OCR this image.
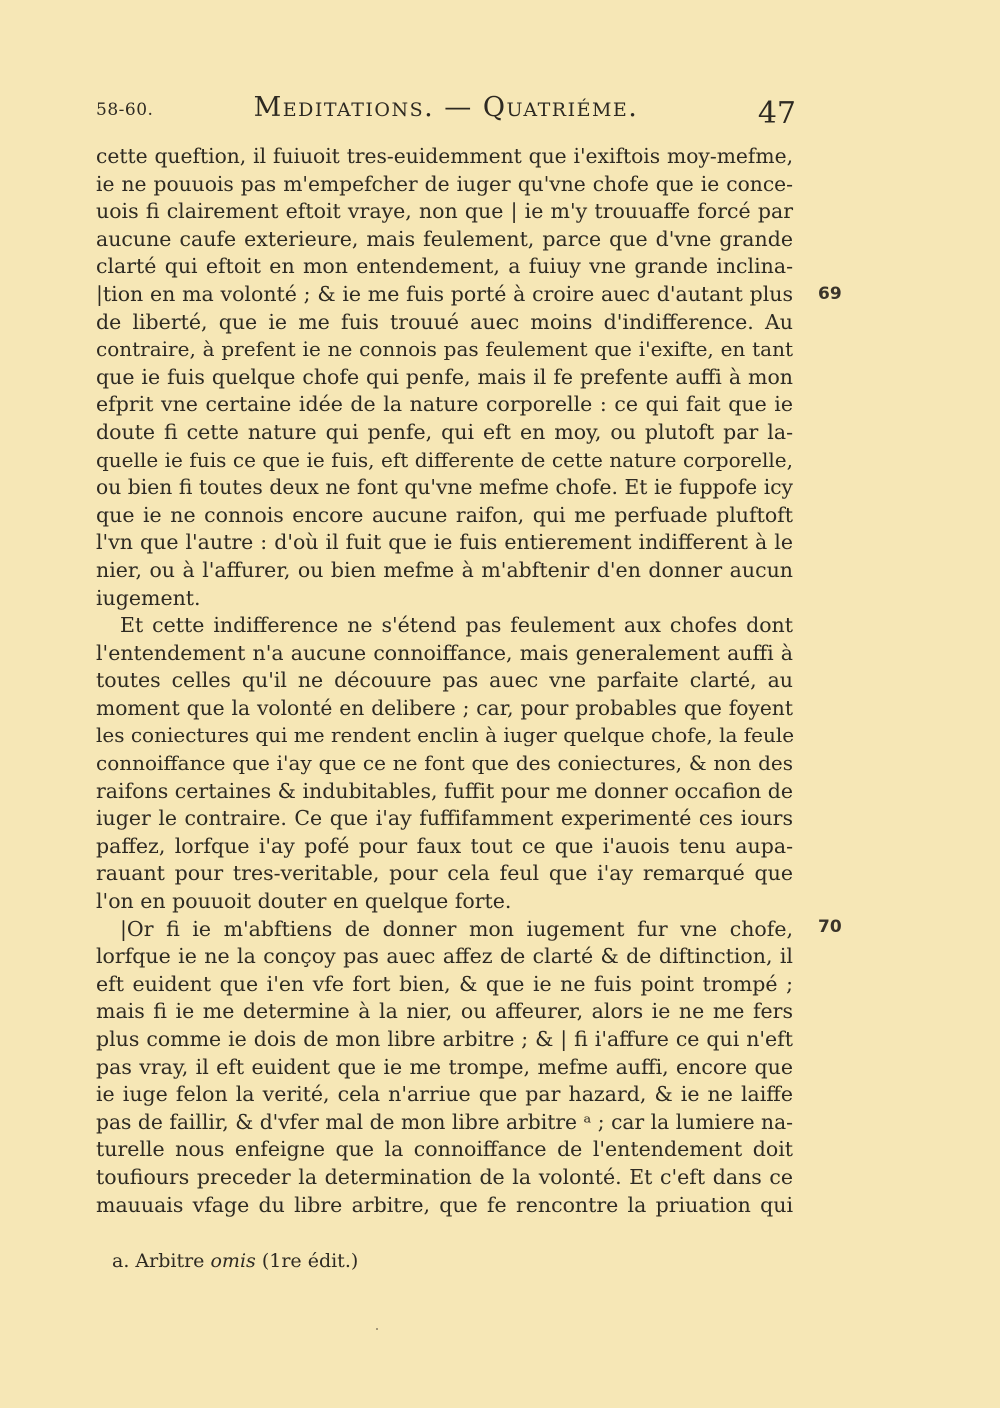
58-60.	Meditations. — Quatriéme.	47
cette queftion, il fuiuoit tres-euidemment que i'exiftois moy-mefme,
ie ne pouuois pas m'empefcher de iuger qu'vne chofe que ie conce-
uois fi clairement eftoit vraye, non que | ie m'y trouuaffe forcé par
aucune caufe exterieure, mais feulement, parce que d'vne grande
clarté qui eftoit en mon entendement, a fuiuy vne grande inclina-
|tion en ma volonté ; & ie me fuis porté à croire auec d'autant plus
de liberté, que ie me fuis trouué auec moins d'indifference. Au
contraire, à prefent ie ne connois pas feulement que i'exifte, en tant
que ie fuis quelque chofe qui penfe, mais il fe prefente auffi à mon
efprit vne certaine idée de la nature corporelle : ce qui fait que ie
doute fi cette nature qui penfe, qui eft en moy, ou plutoft par la-
quelle ie fuis ce que ie fuis, eft differente de cette nature corporelle,
ou bien fi toutes deux ne font qu'vne mefme chofe. Et ie fuppofe icy
que ie ne connois encore aucune raifon, qui me perfuade pluftoft
l'vn que l'autre : d'où il fuit que ie fuis entierement indifferent à le
nier, ou à l'affurer, ou bien mefme à m'abftenir d'en donner aucun
iugement.
Et cette indifference ne s'étend pas feulement aux chofes dont
l'entendement n'a aucune connoiffance, mais generalement auffi à
toutes celles qu'il ne découure pas auec vne parfaite clarté, au
moment que la volonté en delibere ; car, pour probables que foyent
les coniectures qui me rendent enclin à iuger quelque chofe, la feule
connoiffance que i'ay que ce ne font que des coniectures, & non des
raifons certaines & indubitables, fuffit pour me donner occafion de
iuger le contraire. Ce que i'ay fuffifamment experimenté ces iours
paffez, lorfque i'ay pofé pour faux tout ce que i'auois tenu aupa-
rauant pour tres-veritable, pour cela feul que i'ay remarqué que
l'on en pouuoit douter en quelque forte.
|Or fi ie m'abftiens de donner mon iugement fur vne chofe,
lorfque ie ne la conçoy pas auec affez de clarté & de diftinction, il
eft euident que i'en vfe fort bien, & que ie ne fuis point trompé ;
mais fi ie me determine à la nier, ou affeurer, alors ie ne me fers
plus comme ie dois de mon libre arbitre ; & | fi i'affure ce qui n'eft
pas vray, il eft euident que ie me trompe, mefme auffi, encore que
ie iuge felon la verité, cela n'arriue que par hazard, & ie ne laiffe
pas de faillir, & d'vfer mal de mon libre arbitre ᵃ ; car la lumiere na-
turelle nous enfeigne que la connoiffance de l'entendement doit
toufiours preceder la determination de la volonté. Et c'eft dans ce
mauuais vfage du libre arbitre, que fe rencontre la priuation qui
69
70
a. Arbitre omis (1re édit.)
